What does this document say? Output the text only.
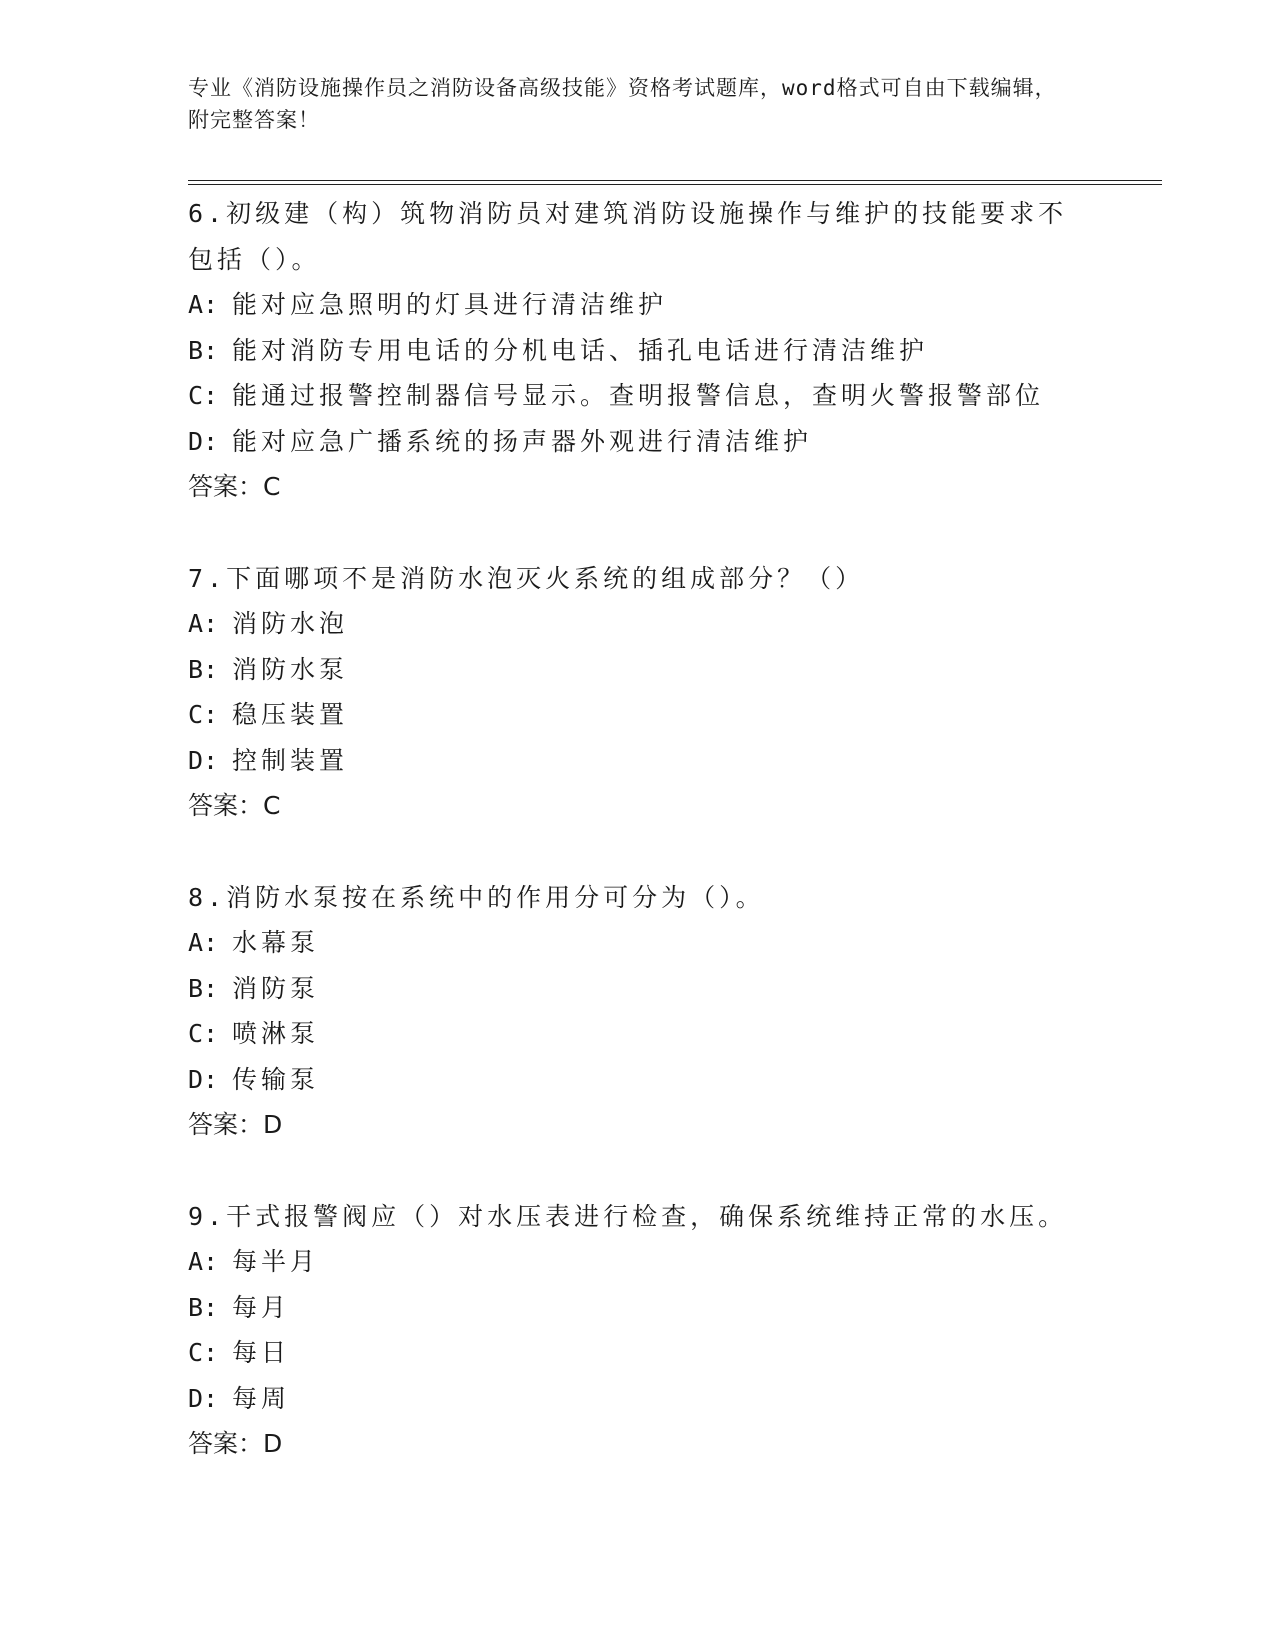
专业《消防设施操作员之消防设备高级技能》资格考试题库，word格式可自由下载编辑，附完整答案！

6.初级建（构）筑物消防员对建筑消防设施操作与维护的技能要求不包括（）。

A: 能对应急照明的灯具进行清洁维护

B: 能对消防专用电话的分机电话、插孔电话进行清洁维护

C: 能通过报警控制器信号显示。查明报警信息，查明火警报警部位

D: 能对应急广播系统的扬声器外观进行清洁维护

答案：C

7.下面哪项不是消防水泡灭火系统的组成部分？（）

A: 消防水泡

B: 消防水泵

C: 稳压装置

D: 控制装置

答案：C

8.消防水泵按在系统中的作用分可分为（）。

A: 水幕泵

B: 消防泵

C: 喷淋泵

D: 传输泵

答案：D

9.干式报警阀应（）对水压表进行检查，确保系统维持正常的水压。

A: 每半月

B: 每月

C: 每日

D: 每周

答案：D
